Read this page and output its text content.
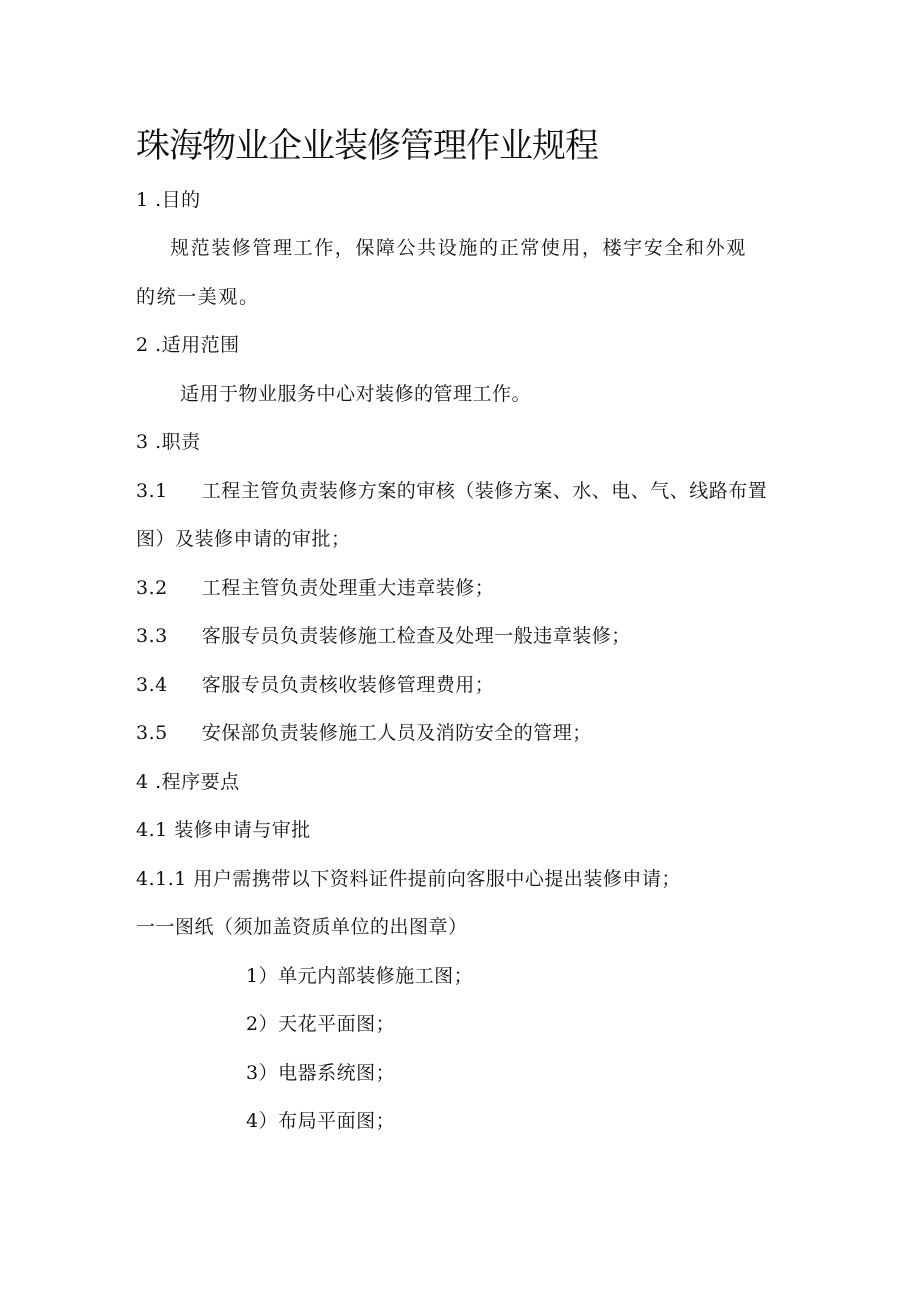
珠海物业企业装修管理作业规程
1 .目的
规范装修管理工作，保障公共设施的正常使用，楼宇安全和外观
的统一美观。
2 .适用范围
适用于物业服务中心对装修的管理工作。
3 .职责
3.1 工程主管负责装修方案的审核（装修方案、水、电、气、线路布置
图）及装修申请的审批；
3.2 工程主管负责处理重大违章装修；
3.3 客服专员负责装修施工检查及处理一般违章装修；
3.4 客服专员负责核收装修管理费用；
3.5 安保部负责装修施工人员及消防安全的管理；
4 .程序要点
4.1 装修申请与审批
4.1.1 用户需携带以下资料证件提前向客服中心提出装修申请；
一一图纸（须加盖资质单位的出图章）
1）单元内部装修施工图；
2）天花平面图；
3）电器系统图；
4）布局平面图；
